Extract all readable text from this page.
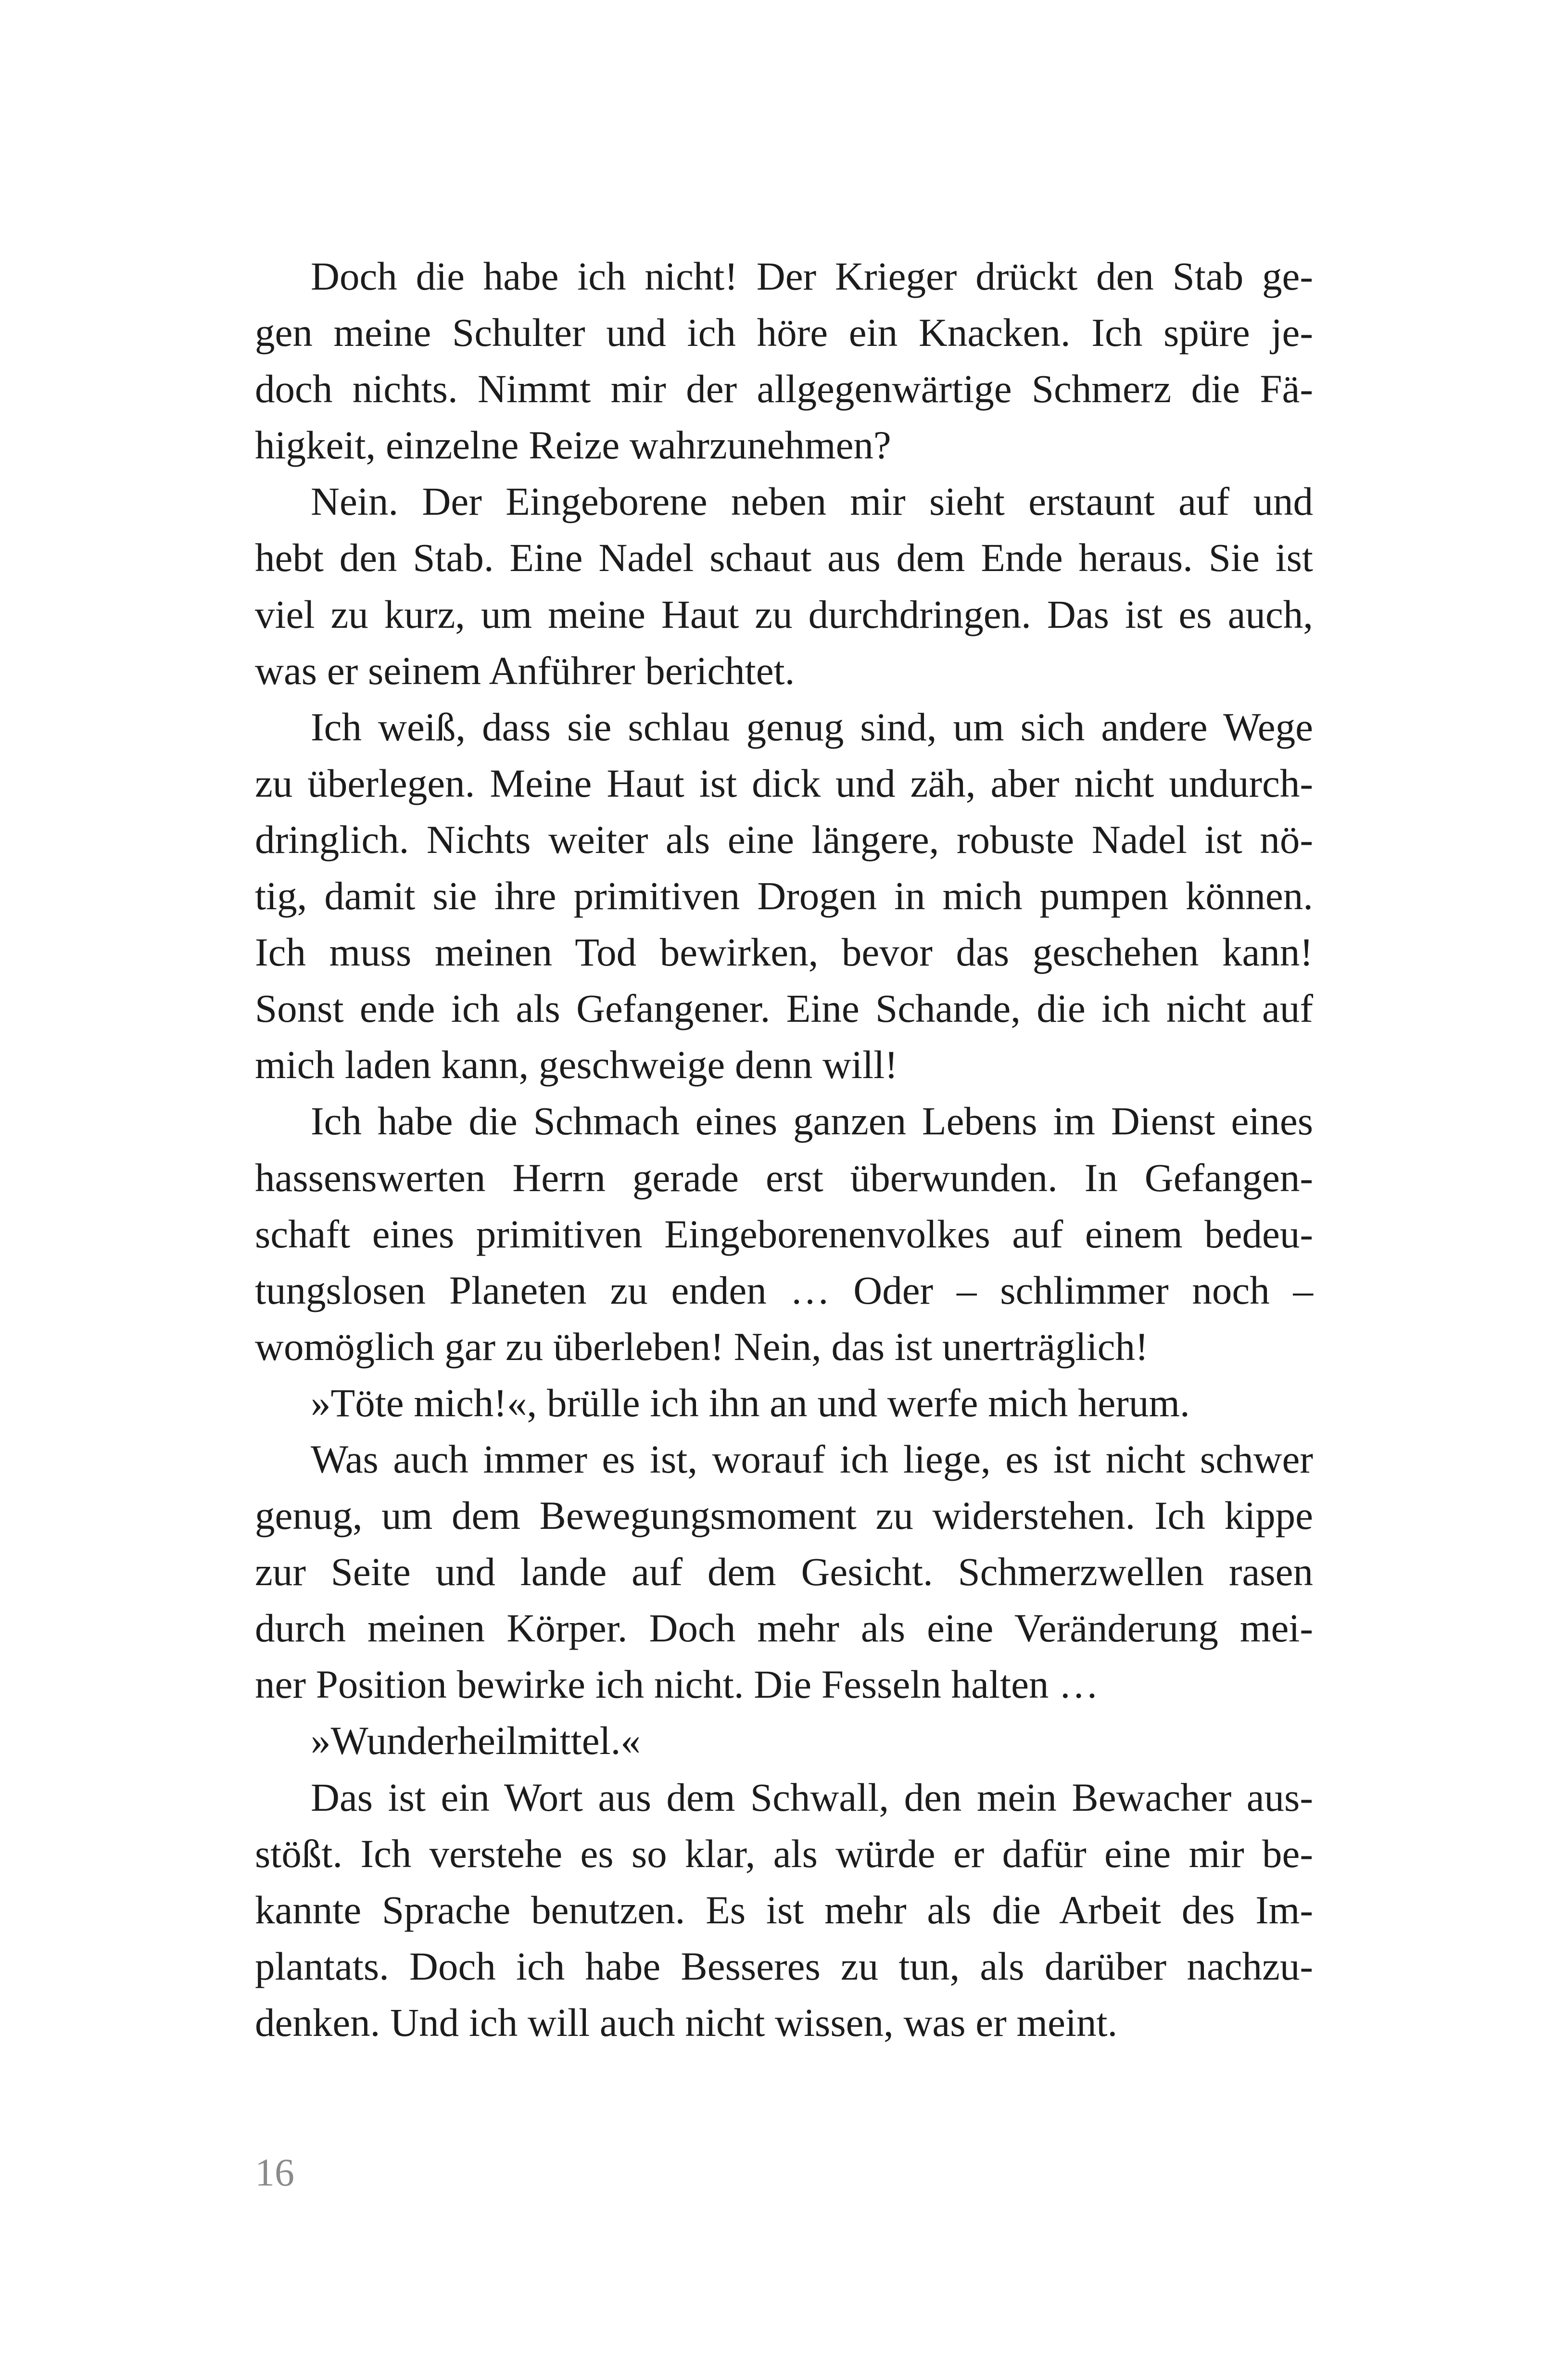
Doch die habe ich nicht! Der Krieger drückt den Stab ge-
gen meine Schulter und ich höre ein Knacken. Ich spüre je-
doch nichts. Nimmt mir der allgegenwärtige Schmerz die Fä-
higkeit, einzelne Reize wahrzunehmen?
Nein. Der Eingeborene neben mir sieht erstaunt auf und
hebt den Stab. Eine Nadel schaut aus dem Ende heraus. Sie ist
viel zu kurz, um meine Haut zu durchdringen. Das ist es auch,
was er seinem Anführer berichtet.
Ich weiß, dass sie schlau genug sind, um sich andere Wege
zu überlegen. Meine Haut ist dick und zäh, aber nicht undurch-
dringlich. Nichts weiter als eine längere, robuste Nadel ist nö-
tig, damit sie ihre primitiven Drogen in mich pumpen können.
Ich muss meinen Tod bewirken, bevor das geschehen kann!
Sonst ende ich als Gefangener. Eine Schande, die ich nicht auf
mich laden kann, geschweige denn will!
Ich habe die Schmach eines ganzen Lebens im Dienst eines
hassenswerten Herrn gerade erst überwunden. In Gefangen-
schaft eines primitiven Eingeborenenvolkes auf einem bedeu-
tungslosen Planeten zu enden … Oder – schlimmer noch –
womöglich gar zu überleben! Nein, das ist unerträglich!
»Töte mich!«, brülle ich ihn an und werfe mich herum.
Was auch immer es ist, worauf ich liege, es ist nicht schwer
genug, um dem Bewegungsmoment zu widerstehen. Ich kippe
zur Seite und lande auf dem Gesicht. Schmerzwellen rasen
durch meinen Körper. Doch mehr als eine Veränderung mei-
ner Position bewirke ich nicht. Die Fesseln halten …
»Wunderheilmittel.«
Das ist ein Wort aus dem Schwall, den mein Bewacher aus-
stößt. Ich verstehe es so klar, als würde er dafür eine mir be-
kannte Sprache benutzen. Es ist mehr als die Arbeit des Im-
plantats. Doch ich habe Besseres zu tun, als darüber nachzu-
denken. Und ich will auch nicht wissen, was er meint.
16
